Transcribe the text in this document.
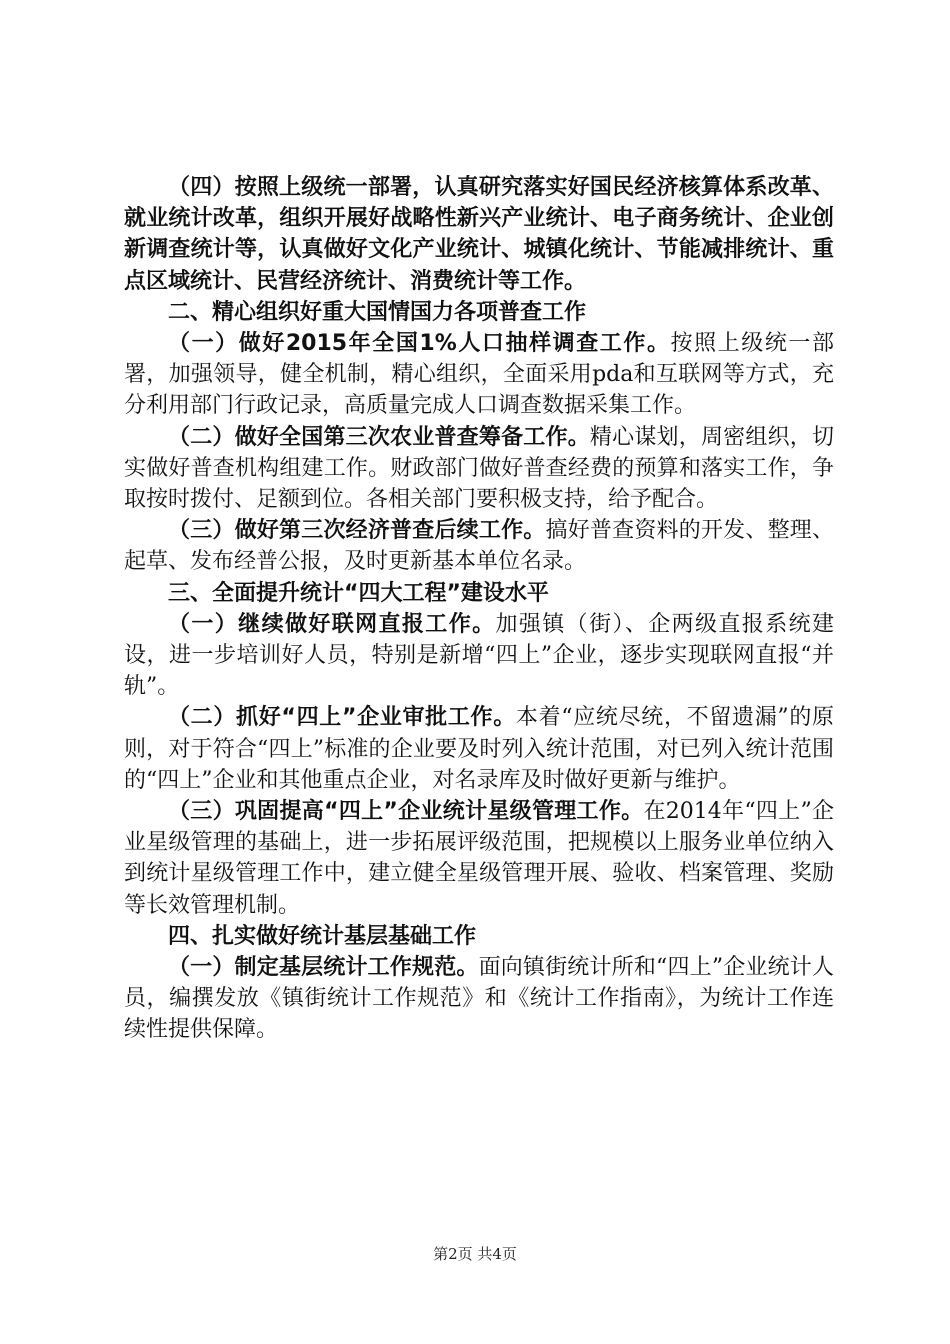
（四）按照上级统一部署，认真研究落实好国民经济核算体系改革、就业统计改革，组织开展好战略性新兴产业统计、电子商务统计、企业创新调查统计等，认真做好文化产业统计、城镇化统计、节能减排统计、重点区域统计、民营经济统计、消费统计等工作。

二、精心组织好重大国情国力各项普查工作

（一）做好2015年全国1%人口抽样调查工作。按照上级统一部署，加强领导，健全机制，精心组织，全面采用pda和互联网等方式，充分利用部门行政记录，高质量完成人口调查数据采集工作。

（二）做好全国第三次农业普查筹备工作。精心谋划，周密组织，切实做好普查机构组建工作。财政部门做好普查经费的预算和落实工作，争取按时拨付、足额到位。各相关部门要积极支持，给予配合。

（三）做好第三次经济普查后续工作。搞好普查资料的开发、整理、起草、发布经普公报，及时更新基本单位名录。

三、全面提升统计“四大工程”建设水平

（一）继续做好联网直报工作。加强镇（街）、企两级直报系统建设，进一步培训好人员，特别是新增“四上”企业，逐步实现联网直报“并轨”。

（二）抓好“四上”企业审批工作。本着“应统尽统，不留遗漏”的原则，对于符合“四上”标准的企业要及时列入统计范围，对已列入统计范围的“四上”企业和其他重点企业，对名录库及时做好更新与维护。

（三）巩固提高“四上”企业统计星级管理工作。在2014年“四上”企业星级管理的基础上，进一步拓展评级范围，把规模以上服务业单位纳入到统计星级管理工作中，建立健全星级管理开展、验收、档案管理、奖励等长效管理机制。

四、扎实做好统计基层基础工作

（一）制定基层统计工作规范。面向镇街统计所和“四上”企业统计人员，编撰发放《镇街统计工作规范》和《统计工作指南》，为统计工作连续性提供保障。

第2页 共4页
